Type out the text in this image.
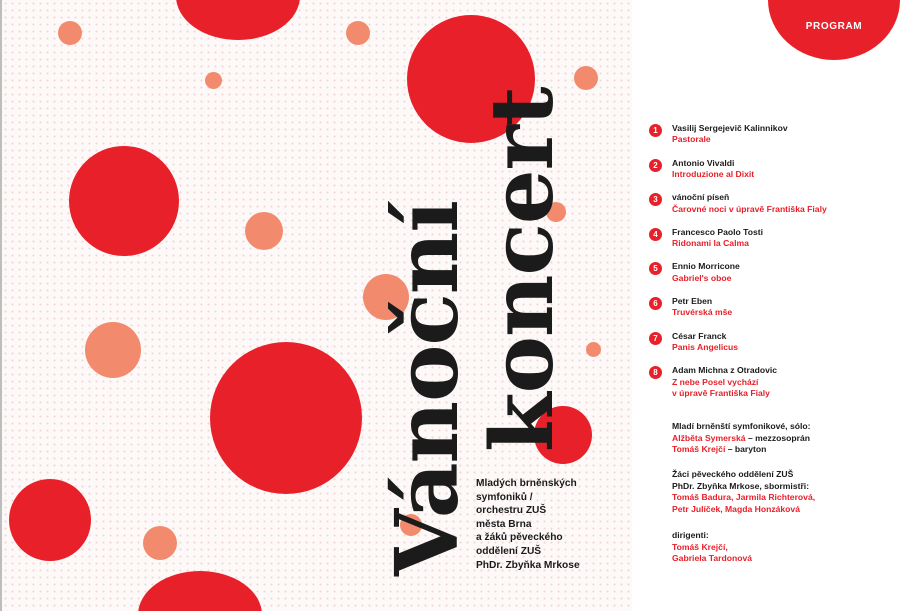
Vánoční
koncert
Mladých brněnských
symfoniků /
orchestru ZUŠ
města Brna
a žáků pěveckého
oddělení ZUŠ
PhDr. Zbyňka Mrkose
PROGRAM
1	Vasilij Sergejevič Kalinnikov
Pastorale
2	Antonio Vivaldi
Introduzione al Dixit
3	vánoční píseň
Čarovné noci v úpravě Františka Fialy
4	Francesco Paolo Tosti
Ridonami la Calma
5	Ennio Morricone
Gabriel's oboe
6	Petr Eben
Truvérská mše
7	César Franck
Panis Angelicus
8	Adam Michna z Otradovic
Z nebe Posel vychází
v úpravě Františka Fialy
Mladí brněnští symfonikové, sólo:
Alžběta Symerská – mezzosoprán
Tomáš Krejčí – baryton
Žáci pěveckého oddělení ZUŠ
PhDr. Zbyňka Mrkose, sbormistři:
Tomáš Badura, Jarmila Richterová,
Petr Julíček, Magda Honzáková
dirigenti:
Tomáš Krejčí,
Gabriela Tardonová
